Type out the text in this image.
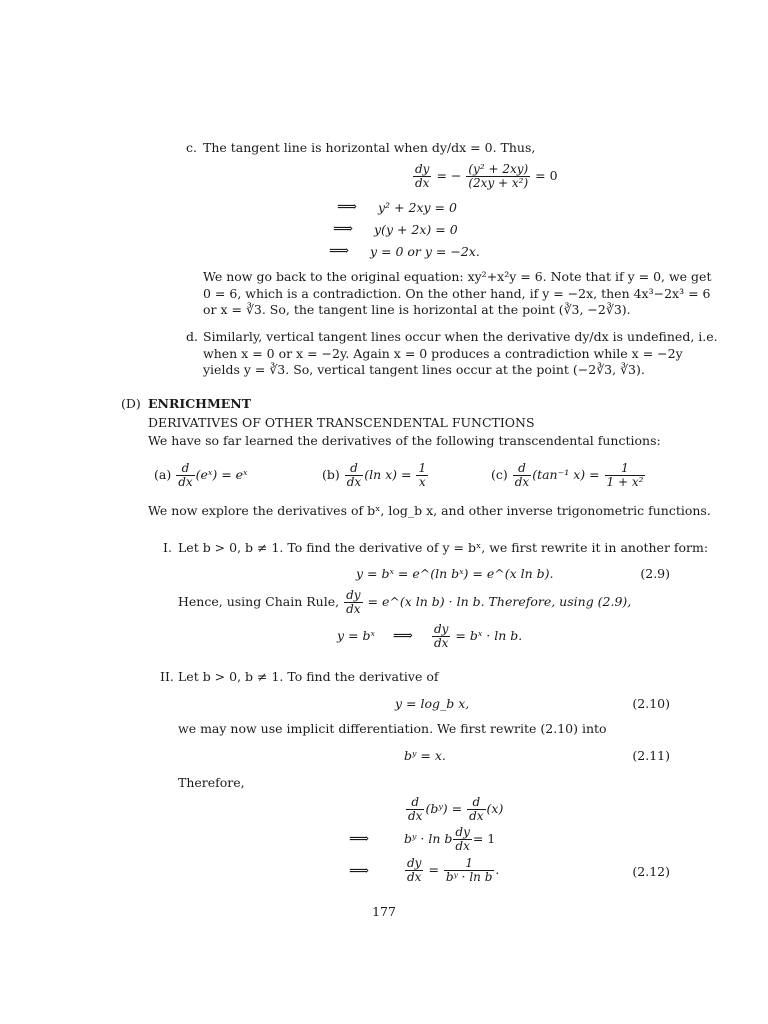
c. The tangent line is horizontal when dy/dx = 0. Thus,
$\frac{dy}{dx}$ = − $\frac{\text{(y² + 2xy)}}{\text{(2xy + x²)}} = 0$
⟹ y² + 2xy = 0
⟹ y(y + 2x) = 0
⟹ y = 0 or y = −2x.
We now go back to the original equation: xy²+x²y = 6. Note that if y = 0, we get
0 = 6, which is a contradiction. On the other hand, if y = −2x, then 4x³−2x³ = 6
or x = ∛3. So, the tangent line is horizontal at the point (∛3, −2∛3).
d. Similarly, vertical tangent lines occur when the derivative dy/dx is undefined, i.e.
when x = 0 or x = −2y. Again x = 0 produces a contradiction while x = −2y
yields y = ∛3. So, vertical tangent lines occur at the point (−2∛3, ∛3).
(D) ENRICHMENT
DERIVATIVES OF OTHER TRANSCENDENTAL FUNCTIONS
We have so far learned the derivatives of the following transcendental functions:
$(a) \frac{d}{dx}$ (eˣ) = eˣ	$(b) \frac{d}{dx} (\ln$ $x) = \frac{1}{x}$	$(c) \frac{d}{dx} (\tan^{-1}$ $x) = \frac{1}{\text{1 + x²}}$
We now explore the derivatives of bˣ, log_b x, and other inverse trigonometric functions.
I. Let b > 0, b ≠ 1. To find the derivative of y = bˣ, we first rewrite it in another form:
y = bˣ = e^(ln bˣ) = e^(x ln b).	(2.9)
Hence, using Chain Rule, $\frac{dy}{dx}$ = e^(x ln b) · ln b. Therefore, using (2.9),
y = bˣ ⟹ $\frac{dy}{dx}$ = bˣ · ln b.
II. Let b > 0, b ≠ 1. To find the derivative of
y = log_b x,	(2.10)
we may now use implicit differentiation. We first rewrite (2.10) into
bʸ = x.	(2.11)
Therefore,
$\frac{d}{dx}$ (bʸ) = $\frac{d}{dx} (x)$
⟹	bʸ · ln b $\frac{dy}{dx} = 1$
⟹	$\frac{dy}{dx} = \frac{1}{\text{bʸ · ln b}}$ .	(2.12)
177
